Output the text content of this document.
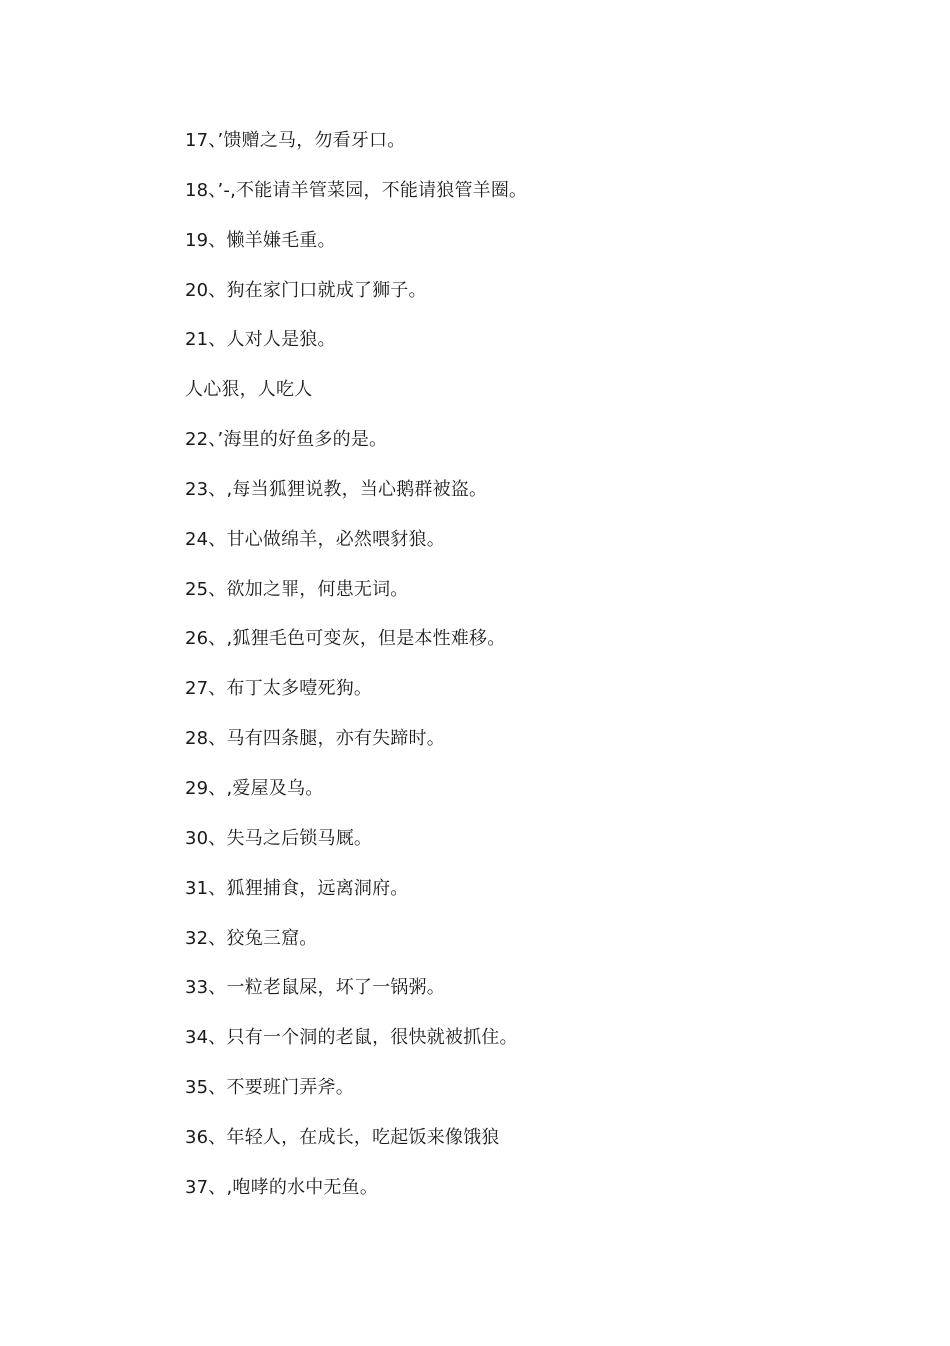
17、’馈赠之马，勿看牙口。
18、’-,不能请羊管菜园，不能请狼管羊圈。
19、懒羊嫌毛重。
20、狗在家门口就成了狮子。
21、人对人是狼。
人心狠，人吃人
22、’海里的好鱼多的是。
23、,每当狐狸说教，当心鹅群被盗。
24、甘心做绵羊，必然喂豺狼。
25、欲加之罪，何患无词。
26、,狐狸毛色可变灰，但是本性难移。
27、布丁太多噎死狗。
28、马有四条腿，亦有失蹄时。
29、,爱屋及乌。
30、失马之后锁马厩。
31、狐狸捕食，远离洞府。
32、狡兔三窟。
33、一粒老鼠屎，坏了一锅粥。
34、只有一个洞的老鼠，很快就被抓住。
35、不要班门弄斧。
36、年轻人，在成长，吃起饭来像饿狼
37、,咆哮的水中无鱼。
